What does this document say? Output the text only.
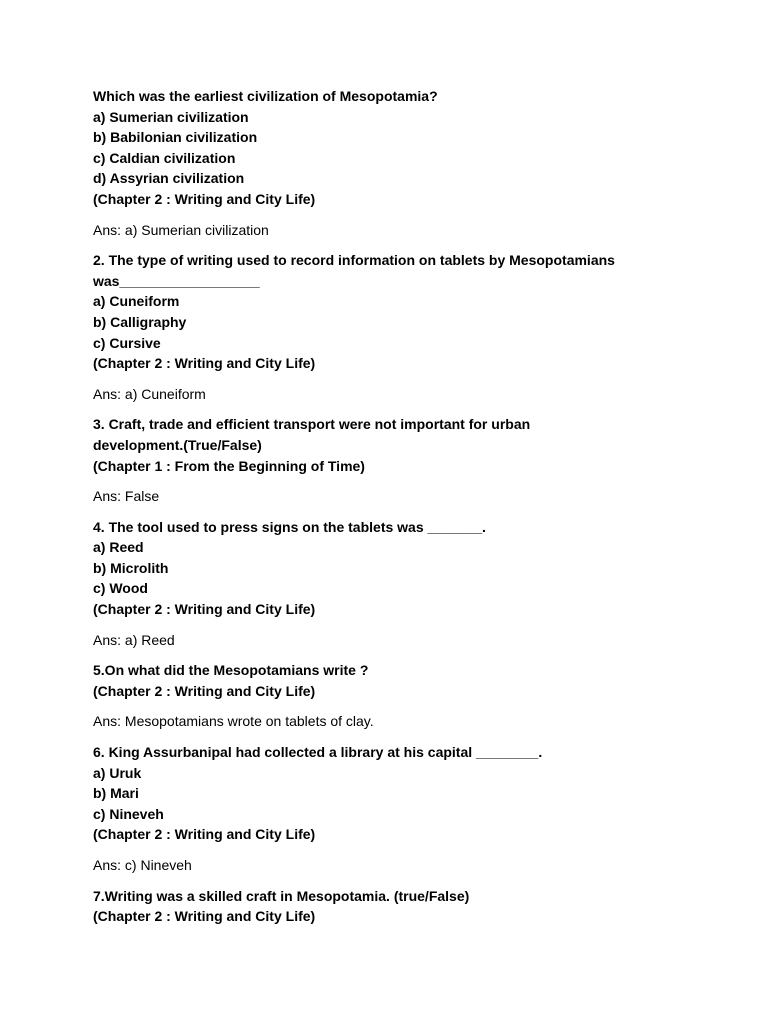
Which was the earliest civilization of Mesopotamia?
a) Sumerian civilization
b) Babilonian civilization
c) Caldian civilization
d) Assyrian civilization
(Chapter 2 : Writing and City Life)
Ans: a) Sumerian civilization
2. The type of writing used to record information on tablets by Mesopotamians
was__________________
a) Cuneiform
b) Calligraphy
c) Cursive
(Chapter 2 : Writing and City Life)
Ans: a) Cuneiform
3. Craft, trade and efficient transport were not important for urban
development.(True/False)
(Chapter 1 : From the Beginning of Time)
Ans: False
4. The tool used to press signs on the tablets was _______.
a) Reed
b) Microlith
c) Wood
(Chapter 2 : Writing and City Life)
Ans: a) Reed
5.On what did the Mesopotamians write ?
(Chapter 2 : Writing and City Life)
Ans: Mesopotamians wrote on tablets of clay.
6. King Assurbanipal had collected a library at his capital ________.
a) Uruk
b) Mari
c) Nineveh
(Chapter 2 : Writing and City Life)
Ans: c) Nineveh
7.Writing was a skilled craft in Mesopotamia. (true/False)
(Chapter 2 : Writing and City Life)
